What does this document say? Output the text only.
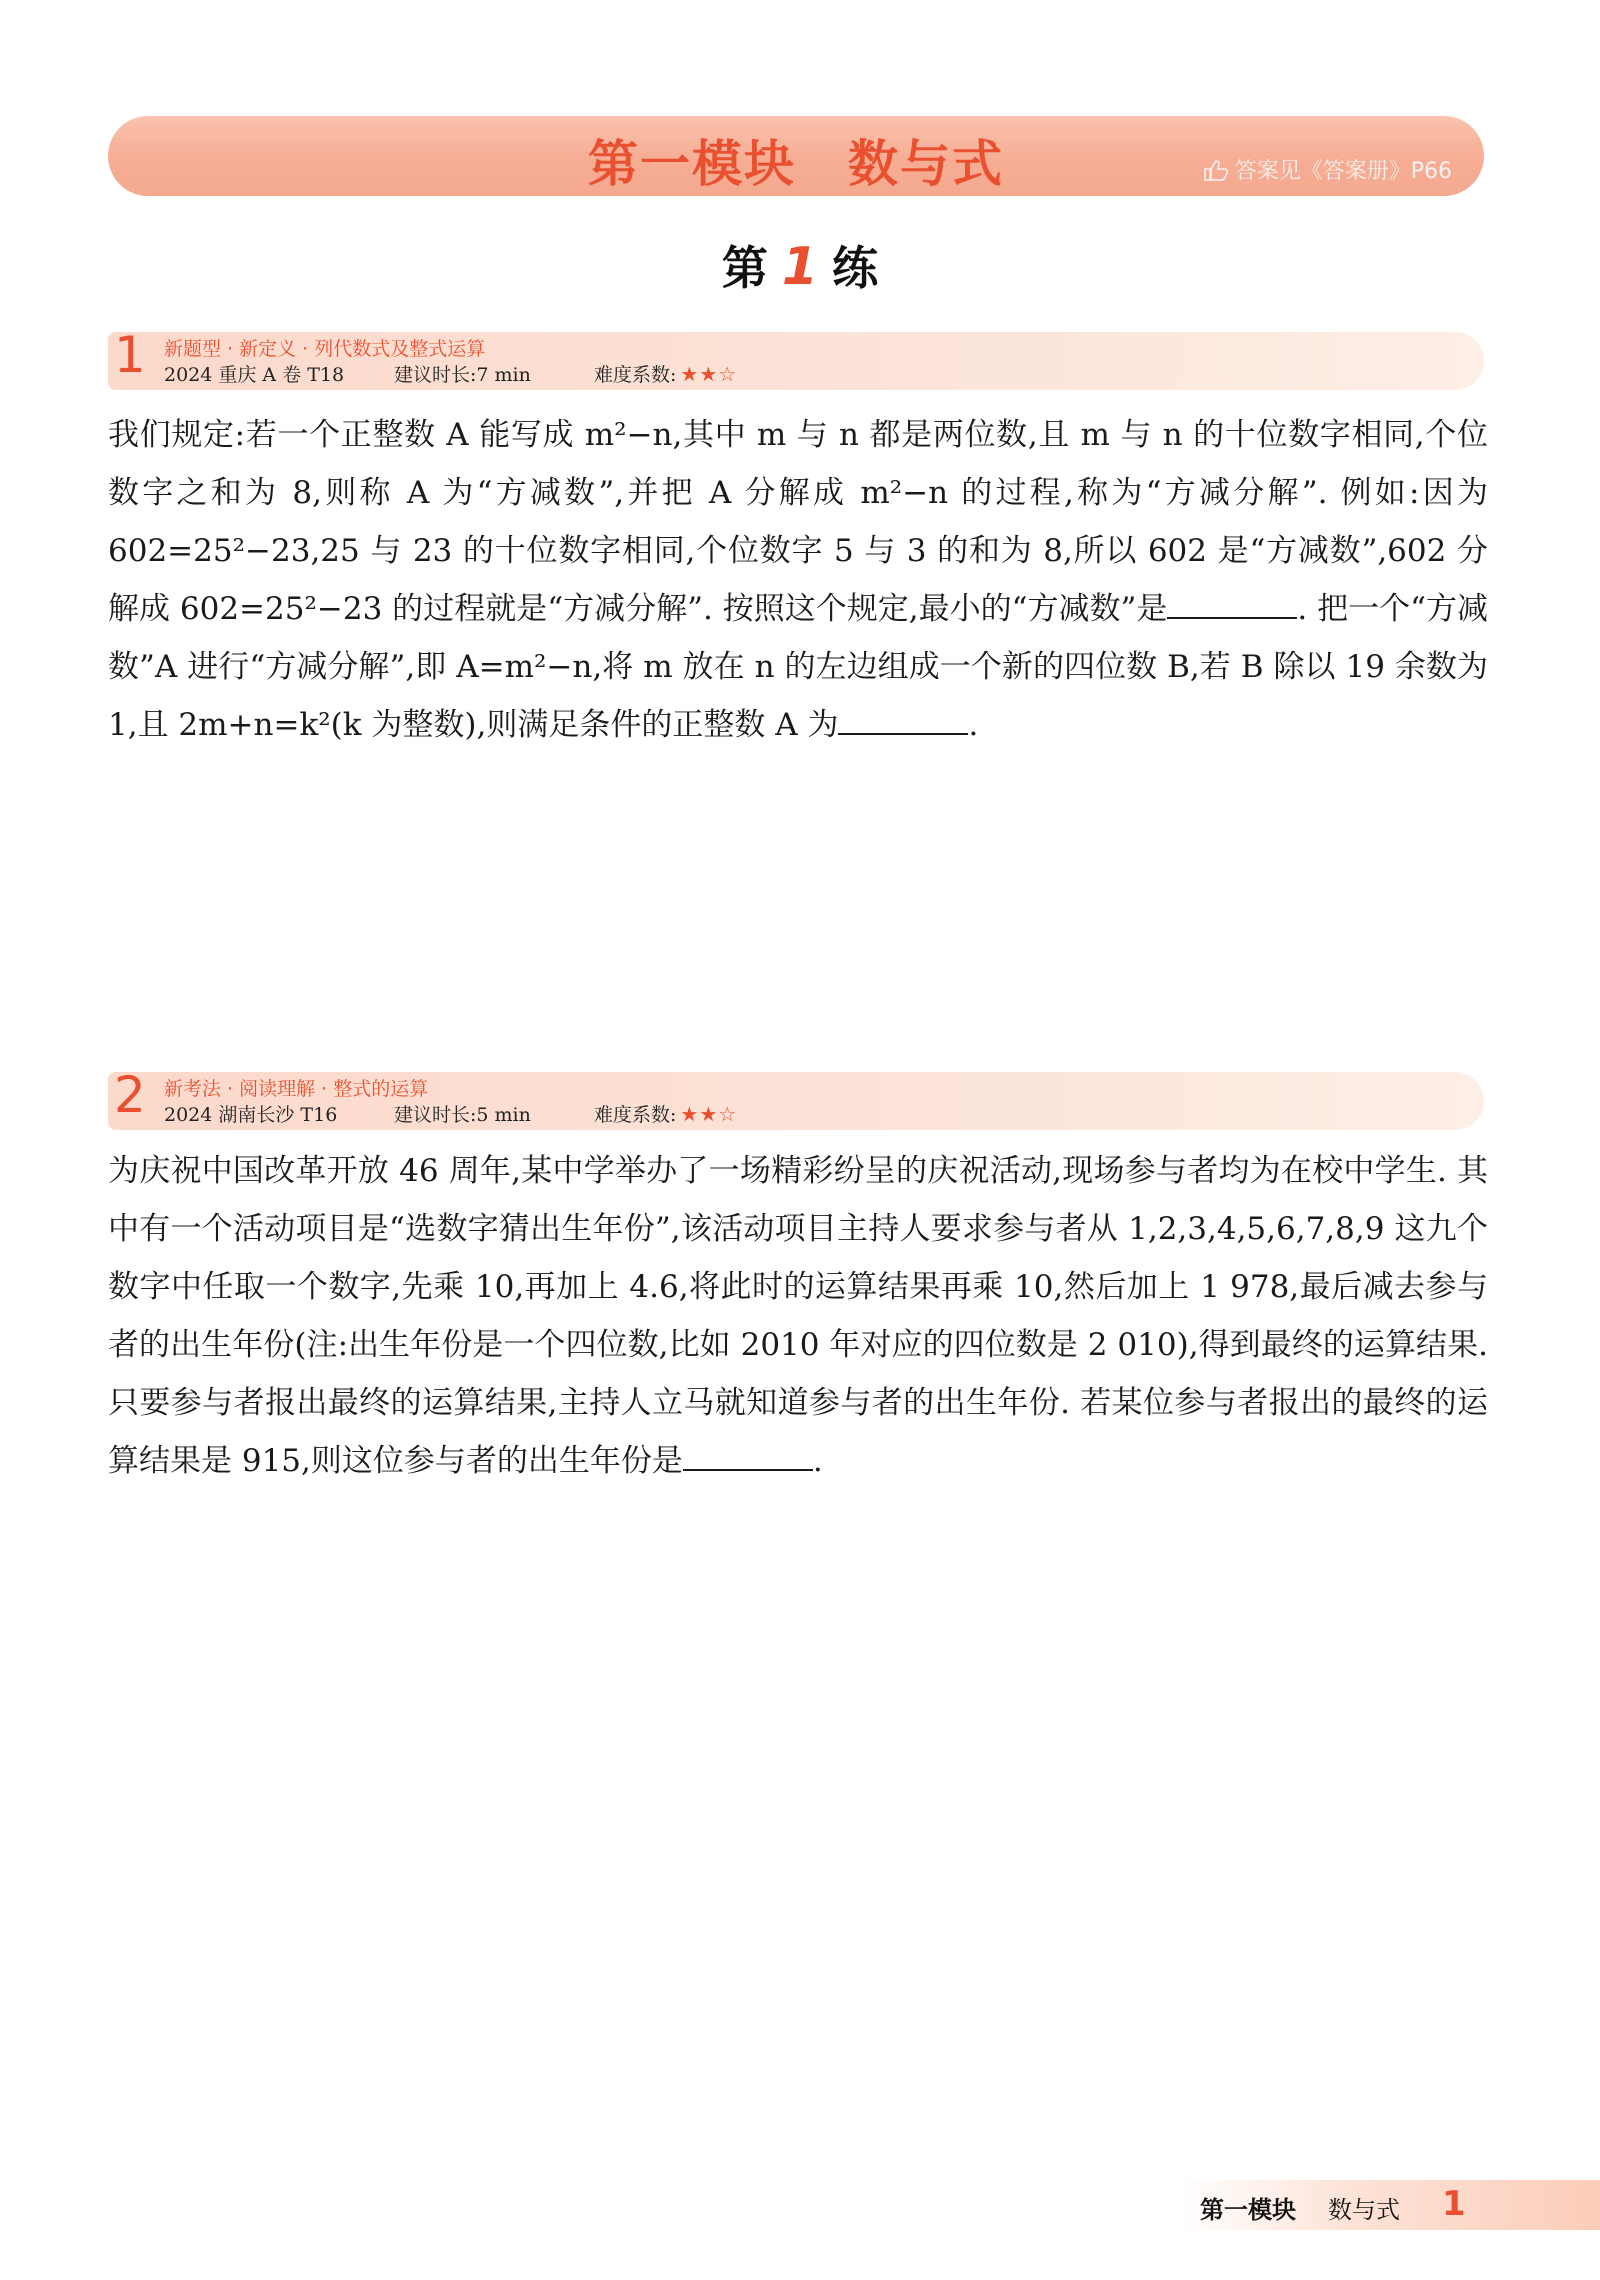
第一模块　数与式	答案见《答案册》P66
第 1 练
1 新题型 · 新定义 · 列代数式及整式运算
2024 重庆 A 卷 T18	建议时长:7 min	难度系数: ★★☆

我们规定:若一个正整数 A 能写成 m²−n,其中 m 与 n 都是两位数,且 m 与 n 的十位数字相同,个位数字之和为 8,则称 A 为“方减数”,并把 A 分解成 m²−n 的过程,称为“方减分解”. 例如:因为 602=25²−23,25 与 23 的十位数字相同,个位数字 5 与 3 的和为 8,所以 602 是“方减数”,602 分解成 602=25²−23 的过程就是“方减分解”. 按照这个规定,最小的“方减数”是	. 把一个“方减数”A 进行“方减分解”,即 A=m²−n,将 m 放在 n 的左边组成一个新的四位数 B,若 B 除以 19 余数为 1,且 2m+n=k²(k 为整数),则满足条件的正整数 A 为	.

2 新考法 · 阅读理解 · 整式的运算
2024 湖南长沙 T16	建议时长:5 min	难度系数: ★★☆

为庆祝中国改革开放 46 周年,某中学举办了一场精彩纷呈的庆祝活动,现场参与者均为在校中学生. 其中有一个活动项目是“选数字猜出生年份”,该活动项目主持人要求参与者从 1,2,3,4,5,6,7,8,9 这九个数字中任取一个数字,先乘 10,再加上 4.6,将此时的运算结果再乘 10,然后加上 1 978,最后减去参与者的出生年份(注:出生年份是一个四位数,比如 2010 年对应的四位数是 2 010),得到最终的运算结果. 只要参与者报出最终的运算结果,主持人立马就知道参与者的出生年份. 若某位参与者报出的最终的运算结果是 915,则这位参与者的出生年份是	.

第一模块 数与式 1
